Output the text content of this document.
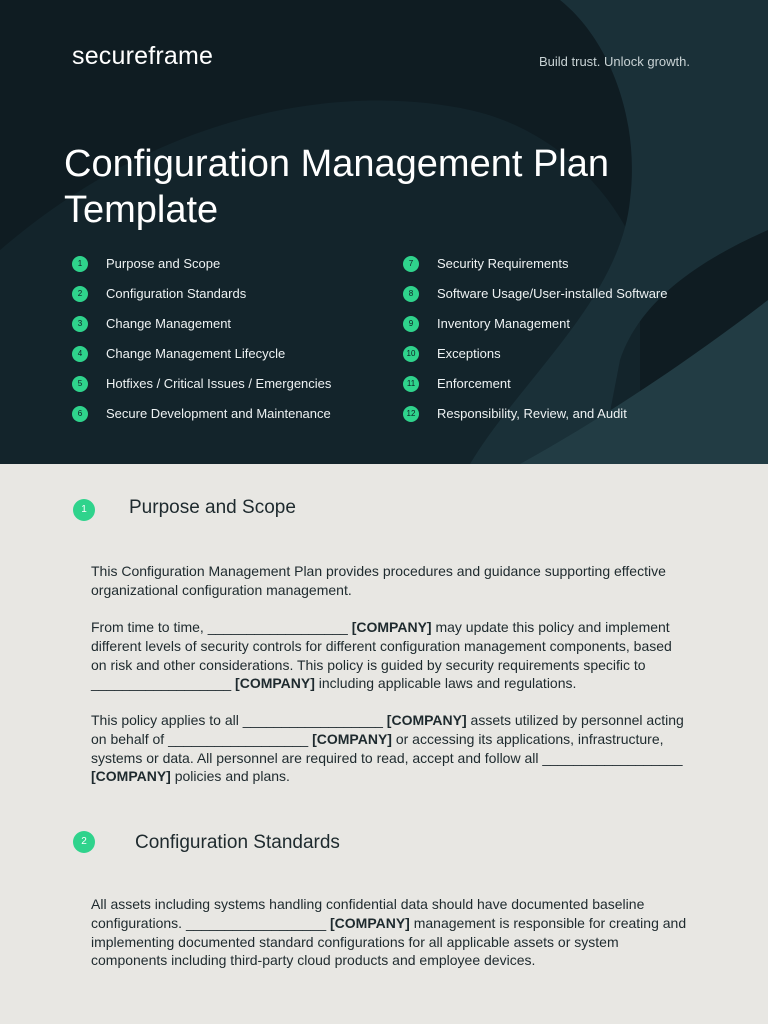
secureframe	Build trust. Unlock growth.
Configuration Management Plan Template
1	Purpose and Scope
2	Configuration Standards
3	Change Management
4	Change Management Lifecycle
5	Hotfixes / Critical Issues / Emergencies
6	Secure Development and Maintenance
7	Security Requirements
8	Software Usage/User-installed Software
9	Inventory Management
10 Exceptions
11 Enforcement
12 Responsibility, Review, and Audit
1	Purpose and Scope
This Configuration Management Plan provides procedures and guidance supporting effective organizational configuration management.
From time to time, __________________ [COMPANY] may update this policy and implement different levels of security controls for different configuration management components, based on risk and other considerations. This policy is guided by security requirements specific to __________________ [COMPANY] including applicable laws and regulations.
This policy applies to all __________________ [COMPANY] assets utilized by personnel acting on behalf of __________________ [COMPANY] or accessing its applications, infrastructure, systems or data. All personnel are required to read, accept and follow all __________________ [COMPANY] policies and plans.
2	Configuration Standards
All assets including systems handling confidential data should have documented baseline configurations. __________________ [COMPANY] management is responsible for creating and implementing documented standard configurations for all applicable assets or system components including third-party cloud products and employee devices.
